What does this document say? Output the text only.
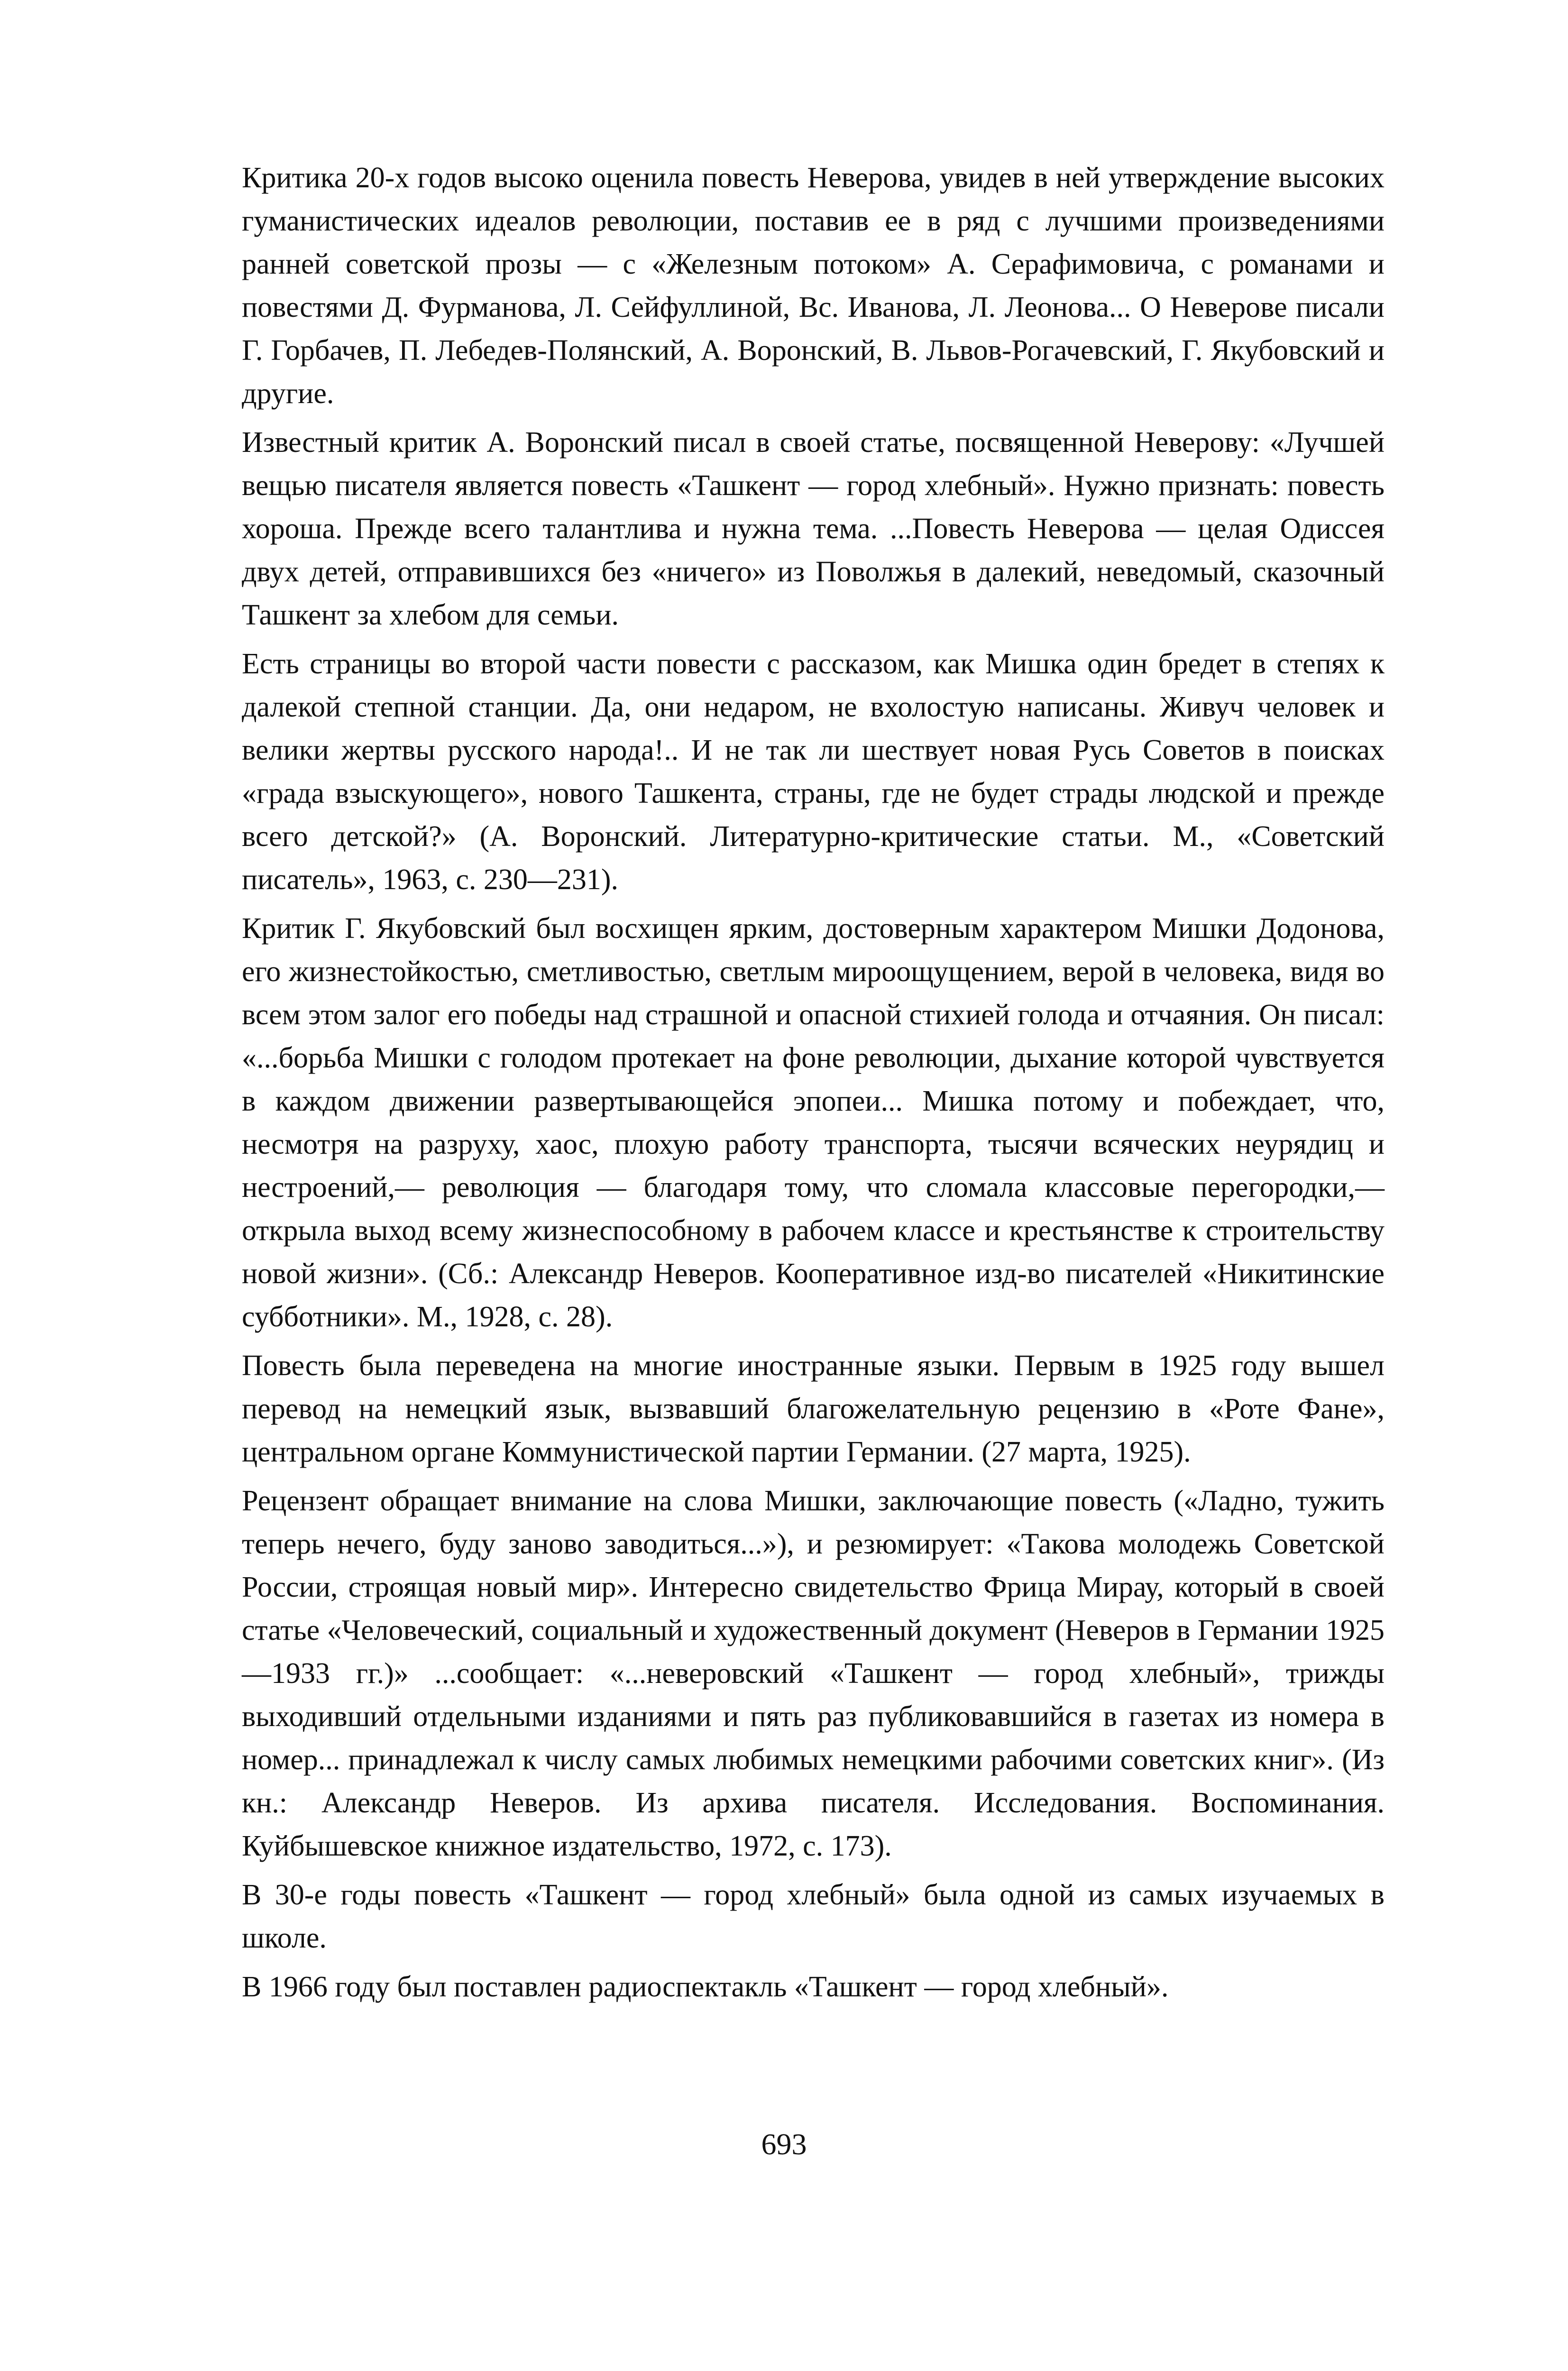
Критика 20-х годов высоко оценила повесть Неверова, увидев в ней утверждение высоких гуманистических идеалов революции, поставив ее в ряд с лучшими произведениями ранней советской прозы — с «Железным потоком» А. Серафимовича, с романами и повестями Д. Фурманова, Л. Сейфуллиной, Вс. Иванова, Л. Леонова... О Неверове писали Г. Горбачев, П. Лебедев-Полянский, А. Воронский, В. Львов-Рогачевский, Г. Якубовский и другие.

Известный критик А. Воронский писал в своей статье, посвященной Неверову: «Лучшей вещью писателя является повесть «Ташкент — город хлебный». Нужно признать: повесть хороша. Прежде всего талантлива и нужна тема. ...Повесть Неверова — целая Одиссея двух детей, отправившихся без «ничего» из Поволжья в далекий, неведомый, сказочный Ташкент за хлебом для семьи.

Есть страницы во второй части повести с рассказом, как Мишка один бредет в степях к далекой степной станции. Да, они недаром, не вхолостую написаны. Живуч человек и велики жертвы русского народа!.. И не так ли шествует новая Русь Советов в поисках «града взыскующего», нового Ташкента, страны, где не будет страды людской и прежде всего детской?» (А. Воронский. Литературно-критические статьи. М., «Советский писатель», 1963, с. 230—231).

Критик Г. Якубовский был восхищен ярким, достоверным характером Мишки Додонова, его жизнестойкостью, сметливостью, светлым мироощущением, верой в человека, видя во всем этом залог его победы над страшной и опасной стихией голода и отчаяния. Он писал: «...борьба Мишки с голодом протекает на фоне революции, дыхание которой чувствуется в каждом движении развертывающейся эпопеи... Мишка потому и побеждает, что, несмотря на разруху, хаос, плохую работу транспорта, тысячи всяческих неурядиц и нестроений,— революция — благодаря тому, что сломала классовые перегородки,— открыла выход всему жизнеспособному в рабочем классе и крестьянстве к строительству новой жизни». (Сб.: Александр Неверов. Кооперативное изд-во писателей «Никитинские субботники». М., 1928, с. 28).

Повесть была переведена на многие иностранные языки. Первым в 1925 году вышел перевод на немецкий язык, вызвавший благожелательную рецензию в «Роте Фане», центральном органе Коммунистической партии Германии. (27 марта, 1925).

Рецензент обращает внимание на слова Мишки, заключающие повесть («Ладно, тужить теперь нечего, буду заново заводиться...»), и резюмирует: «Такова молодежь Советской России, строящая новый мир». Интересно свидетельство Фрица Мирау, который в своей статье «Человеческий, социальный и художественный документ (Неверов в Германии 1925—1933 гг.)» ...сообщает: «...неверовский «Ташкент — город хлебный», трижды выходивший отдельными изданиями и пять раз публиковавшийся в газетах из номера в номер... принадлежал к числу самых любимых немецкими рабочими советских книг». (Из кн.: Александр Неверов. Из архива писателя. Исследования. Воспоминания. Куйбышевское книжное издательство, 1972, с. 173).

В 30-е годы повесть «Ташкент — город хлебный» была одной из самых изучаемых в школе.

В 1966 году был поставлен радиоспектакль «Ташкент — город хлебный».

693
